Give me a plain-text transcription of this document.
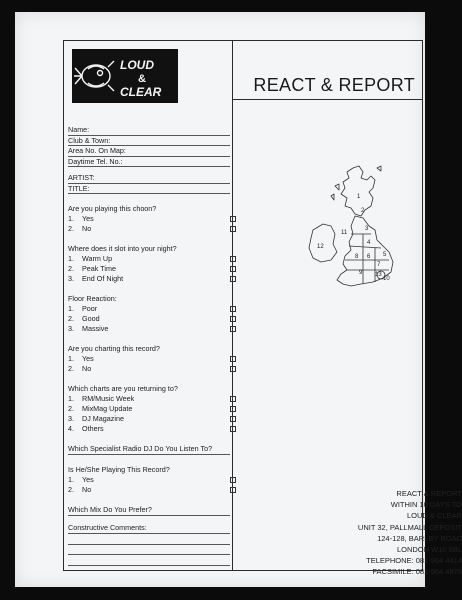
LOUD
&
CLEAR	REACT & REPORT
Name:
Club & Town:
Area No. On Map:
Daytime Tel. No.:
ARTIST:
TITLE:
Are you playing this choon?
1. Yes
2. No
Where does it slot into your night?
1. Warm Up
2. Peak Time
3. End Of Night
Floor Reaction:
1. Poor
2. Good
3. Massive
Are you charting this record?
1. Yes
2. No
Which charts are you returning to?
1. RM/Music Week
2. MixMag Update
3. DJ Magazine
4. Others
Which Specialist Radio DJ Do You Listen To?
Is He/She Playing This Record?
1. Yes
2. No
Which Mix Do You Prefer?
Constructive Comments:
1
2
3
4
5
6
7
8
9
10
11
12
13
REACT & REPORT
WITHIN 10 DAYS TO
LOUD & CLEAR
UNIT 32, PALLMALL DEPOSIT
124-128, BARLBY ROAD
LONDON W10 6BL
TELEPHONE: 081-964 4414
FACSIMILE: 081-964 4876
